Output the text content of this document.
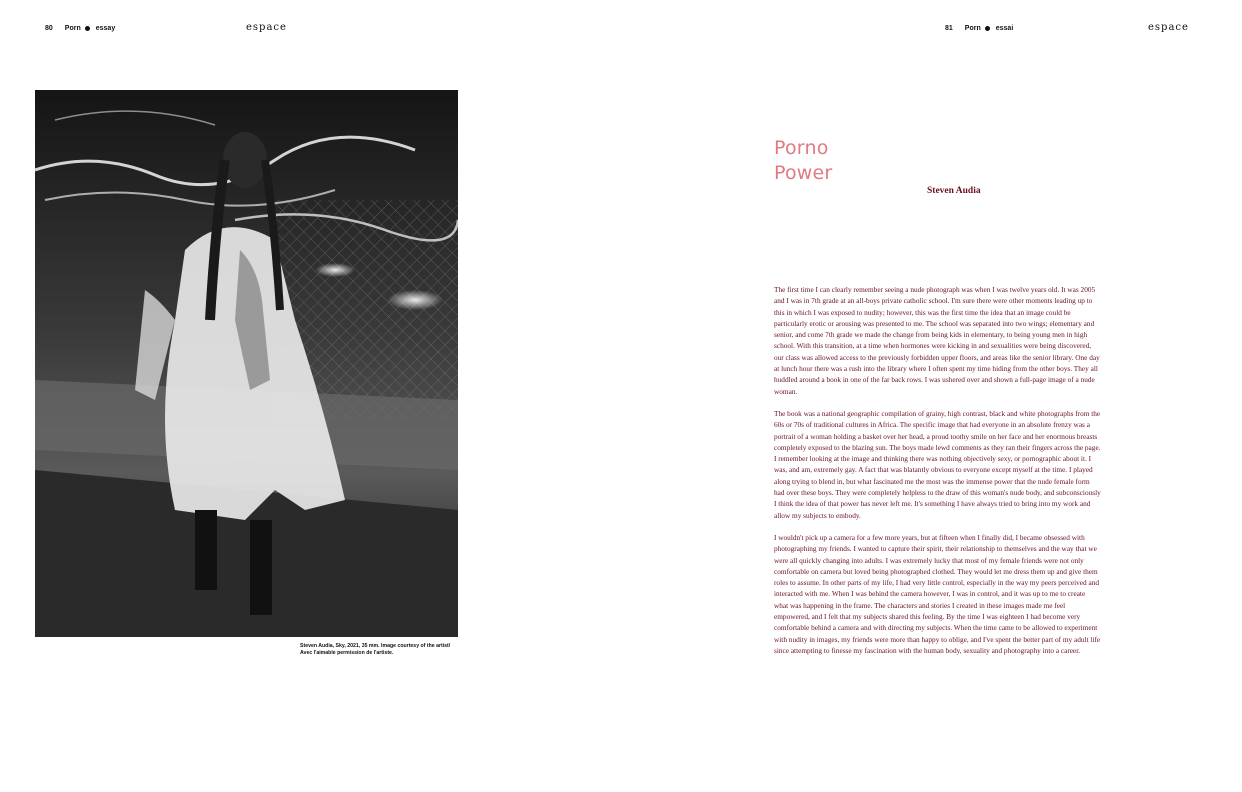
80 Porn essay	espace
Steven Audia, Sky, 2021, 35 mm. Image courtesy of the artist/ Avec l'aimable permission de l'artiste.
81 Porn essai	espace
Porno
Power
Steven Audia

The first time I can clearly remember seeing a nude photograph was when I was twelve years old. It was 2005 and I was in 7th grade at an all-boys private catholic school. I'm sure there were other moments leading up to this in which I was exposed to nudity; however, this was the first time the idea that an image could be particularly erotic or arousing was presented to me. The school was separated into two wings; elementary and senior, and come 7th grade we made the change from being kids in elementary, to being young men in high school. With this transition, at a time when hormones were kicking in and sexualities were being discovered, our class was allowed access to the previously forbidden upper floors, and areas like the senior library. One day at lunch hour there was a rush into the library where I often spent my time hiding from the other boys. They all huddled around a book in one of the far back rows. I was ushered over and shown a full-page image of a nude woman.

The book was a national geographic compilation of grainy, high contrast, black and white photographs from the 60s or 70s of traditional cultures in Africa. The specific image that had everyone in an absolute frenzy was a portrait of a woman holding a basket over her head, a proud toothy smile on her face and her enormous breasts completely exposed to the blazing sun. The boys made lewd comments as they ran their fingers across the page. I remember looking at the image and thinking there was nothing objectively sexy, or pornographic about it. I was, and am, extremely gay. A fact that was blatantly obvious to everyone except myself at the time. I played along trying to blend in, but what fascinated me the most was the immense power that the nude female form had over these boys. They were completely helpless to the draw of this woman's nude body, and subconsciously I think the idea of that power has never left me. It's something I have always tried to bring into my work and allow my subjects to embody.

I wouldn't pick up a camera for a few more years, but at fifteen when I finally did, I became obsessed with photographing my friends. I wanted to capture their spirit, their relationship to themselves and the way that we were all quickly changing into adults. I was extremely lucky that most of my female friends were not only comfortable on camera but loved being photographed clothed. They would let me dress them up and give them roles to assume. In other parts of my life, I had very little control, especially in the way my peers perceived and interacted with me. When I was behind the camera however, I was in control, and it was up to me to create what was happening in the frame. The characters and stories I created in these images made me feel empowered, and I felt that my subjects shared this feeling. By the time I was eighteen I had become very comfortable behind a camera and with directing my subjects. When the time came to be allowed to experiment with nudity in images, my friends were more than happy to oblige, and I've spent the better part of my adult life since attempting to finesse my fascination with the human body, sexuality and photography into a career.
